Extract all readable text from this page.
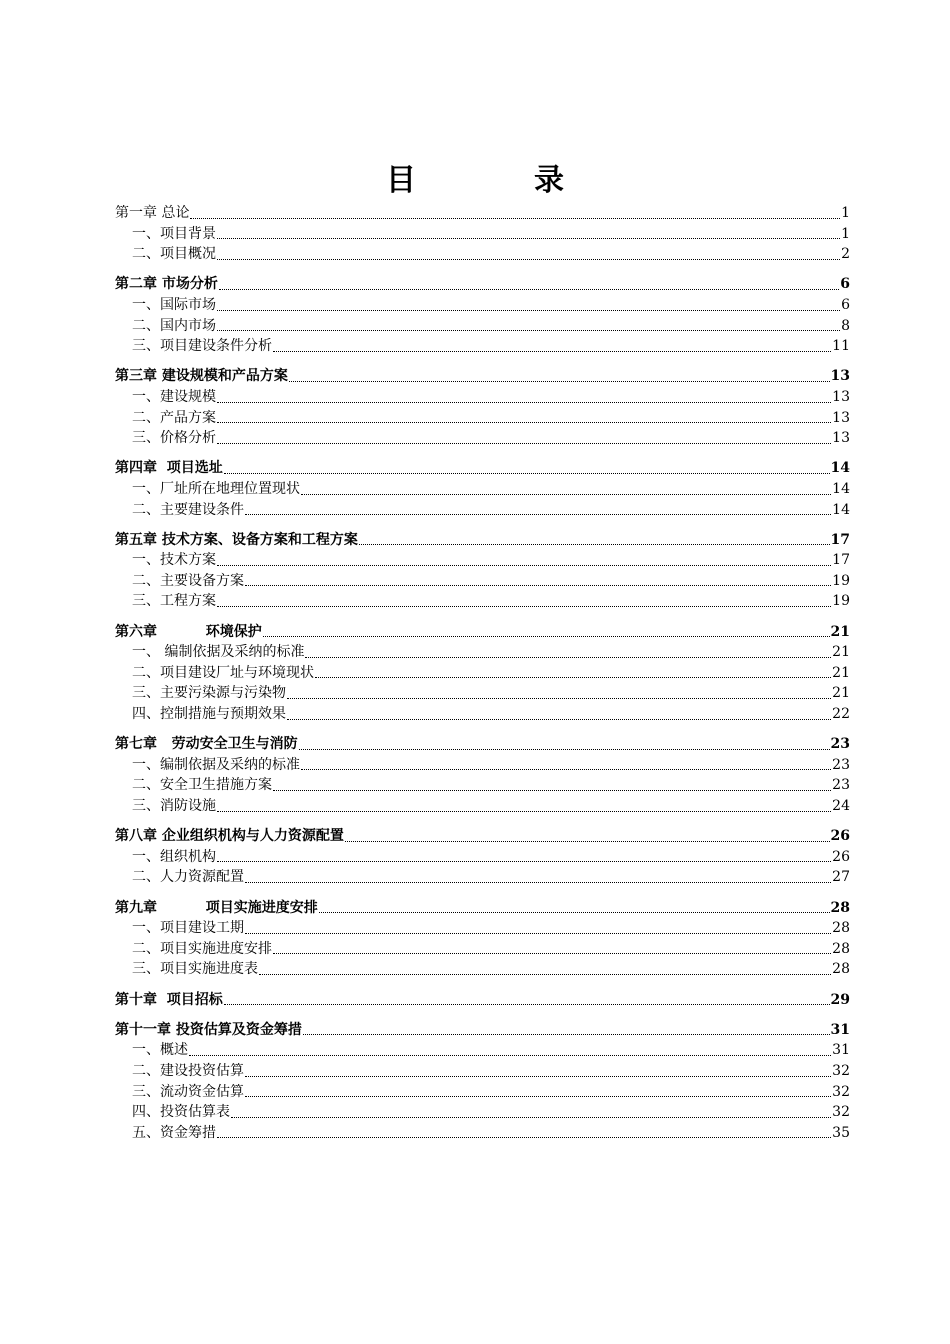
目　录
第一章 总论	1
一、项目背景	1
二、项目概况	2
第二章 市场分析	6
一、国际市场	6
二、国内市场	8
三、项目建设条件分析	11
第三章 建设规模和产品方案	13
一、建设规模	13
二、产品方案	13
三、价格分析	13
第四章  项目选址	14
一、厂址所在地理位置现状	14
二、主要建设条件	14
第五章 技术方案、设备方案和工程方案	17
一、技术方案	17
二、主要设备方案	19
三、工程方案	19
第六章          环境保护	21
一、 编制依据及采纳的标准	21
二、项目建设厂址与环境现状	21
三、主要污染源与污染物	21
四、控制措施与预期效果	22
第七章   劳动安全卫生与消防	23
一、编制依据及采纳的标准	23
二、安全卫生措施方案	23
三、消防设施	24
第八章 企业组织机构与人力资源配置	26
一、组织机构	26
二、人力资源配置	27
第九章          项目实施进度安排	28
一、项目建设工期	28
二、项目实施进度安排	28
三、项目实施进度表	28
第十章  项目招标	29
第十一章 投资估算及资金筹措	31
一、概述	31
二、建设投资估算	32
三、流动资金估算	32
四、投资估算表	32
五、资金筹措	35
